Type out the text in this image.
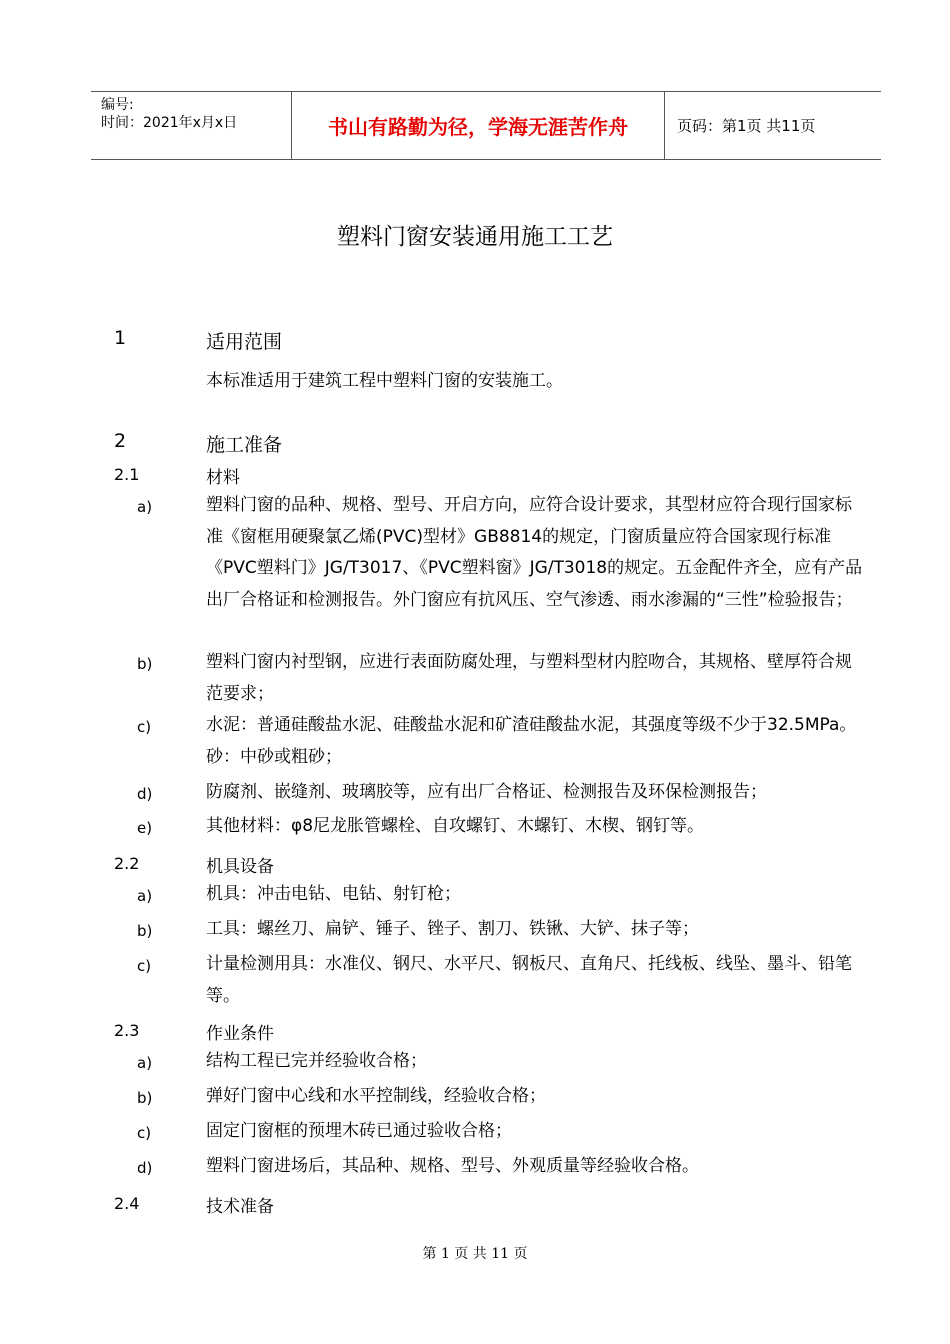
编号:
时间：2021年x月x日	书山有路勤为径，学海无涯苦作舟	页码：第1页 共11页
塑料门窗安装通用施工工艺
1	适用范围
本标准适用于建筑工程中塑料门窗的安装施工。
2	施工准备
2.1	材料
a)	塑料门窗的品种、规格、型号、开启方向，应符合设计要求，其型材应符合现行国家标准《窗框用硬聚氯乙烯(PVC)型材》GB8814的规定，门窗质量应符合国家现行标准《PVC塑料门》JG/T3017、《PVC塑料窗》JG/T3018的规定。五金配件齐全，应有产品出厂合格证和检测报告。外门窗应有抗风压、空气渗透、雨水渗漏的“三性”检验报告；
b)	塑料门窗内衬型钢，应进行表面防腐处理，与塑料型材内腔吻合，其规格、壁厚符合规范要求；
c)	水泥：普通硅酸盐水泥、硅酸盐水泥和矿渣硅酸盐水泥，其强度等级不少于32.5MPa。砂：中砂或粗砂；
d)	防腐剂、嵌缝剂、玻璃胶等，应有出厂合格证、检测报告及环保检测报告；
e)	其他材料：φ8尼龙胀管螺栓、自攻螺钉、木螺钉、木楔、钢钉等。
2.2	机具设备
a)	机具：冲击电钻、电钻、射钉枪；
b)	工具：螺丝刀、扁铲、锤子、锉子、割刀、铁锹、大铲、抹子等；
c)	计量检测用具：水准仪、钢尺、水平尺、钢板尺、直角尺、托线板、线坠、墨斗、铅笔等。
2.3	作业条件
a)	结构工程已完并经验收合格；
b)	弹好门窗中心线和水平控制线，经验收合格；
c)	固定门窗框的预埋木砖已通过验收合格；
d)	塑料门窗进场后，其品种、规格、型号、外观质量等经验收合格。
2.4	技术准备
第 1 页 共 11 页
